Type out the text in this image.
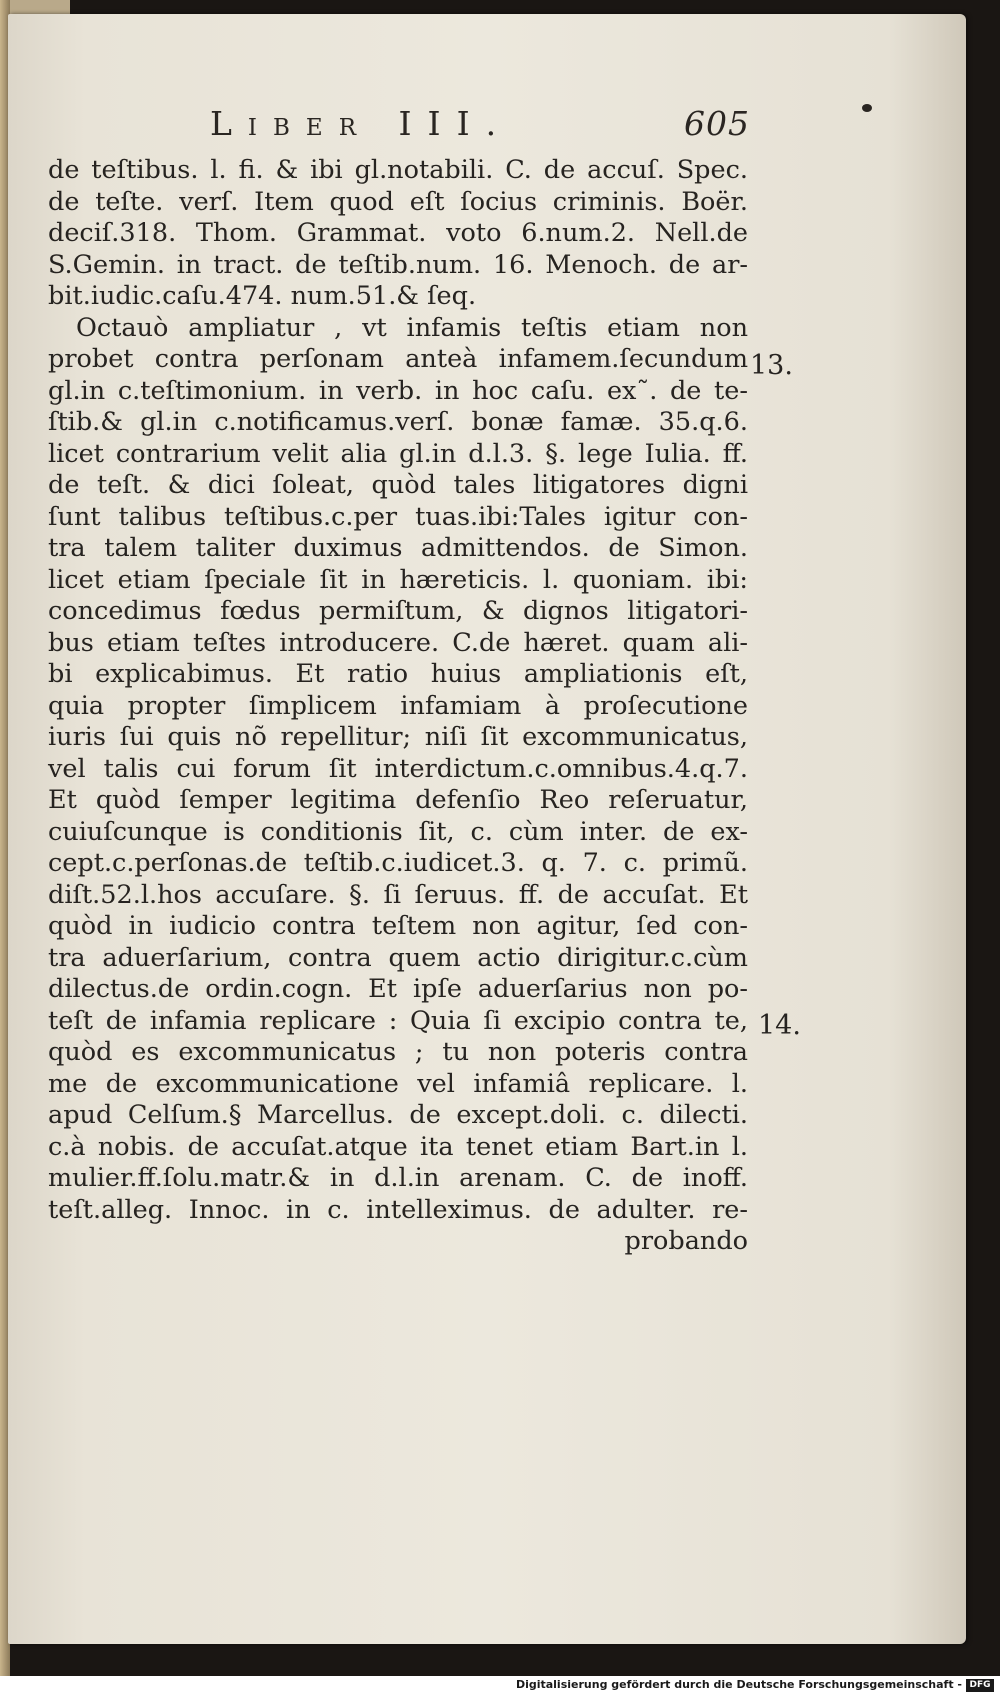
Liber III.	605
de teſtibus. l. fi. & ibi gl.notabili. C. de accuſ. Spec.
de teſte. verſ. Item quod eſt ſocius criminis. Boër.
deciſ.318. Thom. Grammat. voto 6.num.2. Nell.de
S.Gemin. in tract. de teſtib.num. 16. Menoch. de ar-
bit.iudic.caſu.474. num.51.& ſeq.
Octauò ampliatur , vt infamis teſtis etiam non
probet contra perſonam anteà infamem.ſecundum
gl.in c.teſtimonium. in verb. in hoc caſu. ex˜. de te-
ſtib.& gl.in c.notificamus.verſ. bonæ famæ. 35.q.6.
licet contrarium velit alia gl.in d.l.3. §. lege Iulia. ff.
de teſt. & dici ſoleat, quòd tales litigatores digni
ſunt talibus teſtibus.c.per tuas.ibi:Tales igitur con-
tra talem taliter duximus admittendos. de Simon.
licet etiam ſpeciale ſit in hæreticis. l. quoniam. ibi:
concedimus fœdus permiſtum, & dignos litigatori-
bus etiam teſtes introducere. C.de hæret. quam ali-
bi explicabimus. Et ratio huius ampliationis eſt,
quia propter ſimplicem infamiam à proſecutione
iuris ſui quis nõ repellitur; niſi ſit excommunicatus,
vel talis cui forum ſit interdictum.c.omnibus.4.q.7.
Et quòd ſemper legitima defenſio Reo reſeruatur,
cuiuſcunque is conditionis ſit, c. cùm inter. de ex-
cept.c.perſonas.de teſtib.c.iudicet.3. q. 7. c. primũ.
diſt.52.l.hos accuſare. §. ſi ſeruus. ff. de accuſat. Et
quòd in iudicio contra teſtem non agitur, ſed con-
tra aduerſarium, contra quem actio dirigitur.c.cùm
dilectus.de ordin.cogn. Et ipſe aduerſarius non po-
teſt de infamia replicare : Quia ſi excipio contra te,
quòd es excommunicatus ; tu non poteris contra
me de excommunicatione vel infamiâ replicare. l.
apud Celſum.§ Marcellus. de except.doli. c. dilecti.
c.à nobis. de accuſat.atque ita tenet etiam Bart.in l.
mulier.ff.ſolu.matr.& in d.l.in arenam. C. de inoff.
teſt.alleg. Innoc. in c. intelleximus. de adulter. re-
probando
13.
14.
Digitalisierung gefördert durch die Deutsche Forschungsgemeinschaft - DFG
